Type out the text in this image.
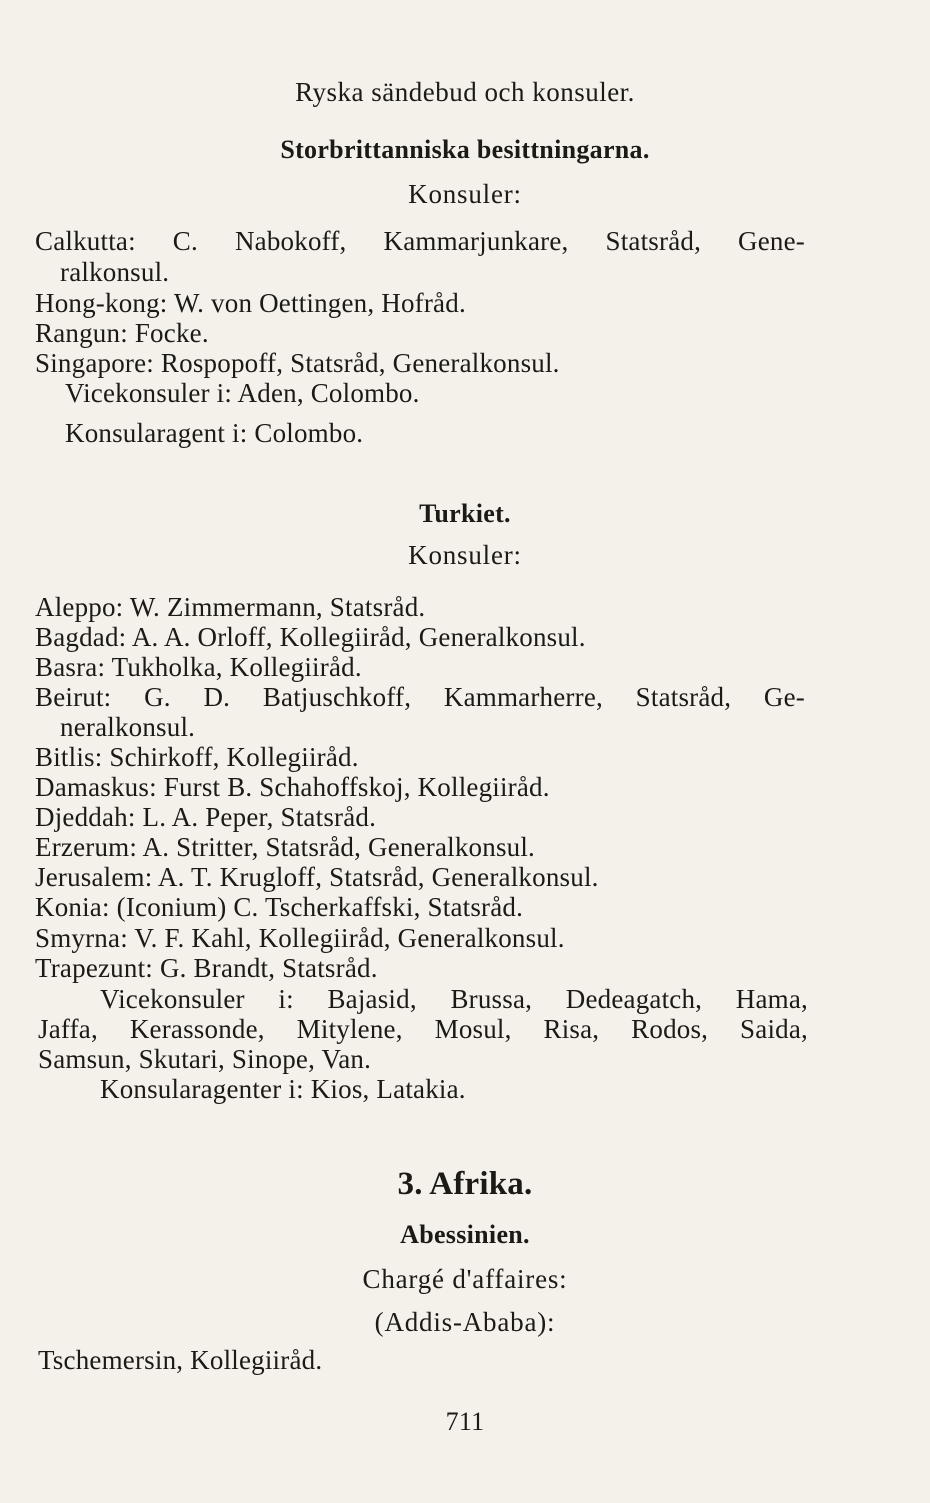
Ryska sändebud och konsuler.
Storbrittanniska besittningarna.
Konsuler:
Calkutta: C. Nabokoff, Kammarjunkare, Statsråd, Gene-
ralkonsul.
Hong-kong: W. von Oettingen, Hofråd.
Rangun: Focke.
Singapore: Rospopoff, Statsråd, Generalkonsul.
Vicekonsuler i: Aden, Colombo.
Konsularagent i: Colombo.
Turkiet.
Konsuler:
Aleppo: W. Zimmermann, Statsråd.
Bagdad: A. A. Orloff, Kollegiiråd, Generalkonsul.
Basra: Tukholka, Kollegiiråd.
Beirut: G. D. Batjuschkoff, Kammarherre, Statsråd, Ge-
neralkonsul.
Bitlis: Schirkoff, Kollegiiråd.
Damaskus: Furst B. Schahoffskoj, Kollegiiråd.
Djeddah: L. A. Peper, Statsråd.
Erzerum: A. Stritter, Statsråd, Generalkonsul.
Jerusalem: A. T. Krugloff, Statsråd, Generalkonsul.
Konia: (Iconium) C. Tscherkaffski, Statsråd.
Smyrna: V. F. Kahl, Kollegiiråd, Generalkonsul.
Trapezunt: G. Brandt, Statsråd.
Vicekonsuler i: Bajasid, Brussa, Dedeagatch, Hama,
Jaffa, Kerassonde, Mitylene, Mosul, Risa, Rodos, Saida,
Samsun, Skutari, Sinope, Van.
Konsularagenter i: Kios, Latakia.
3. Afrika.
Abessinien.
Chargé d'affaires:
(Addis-Ababa):
Tschemersin, Kollegiiråd.
711
